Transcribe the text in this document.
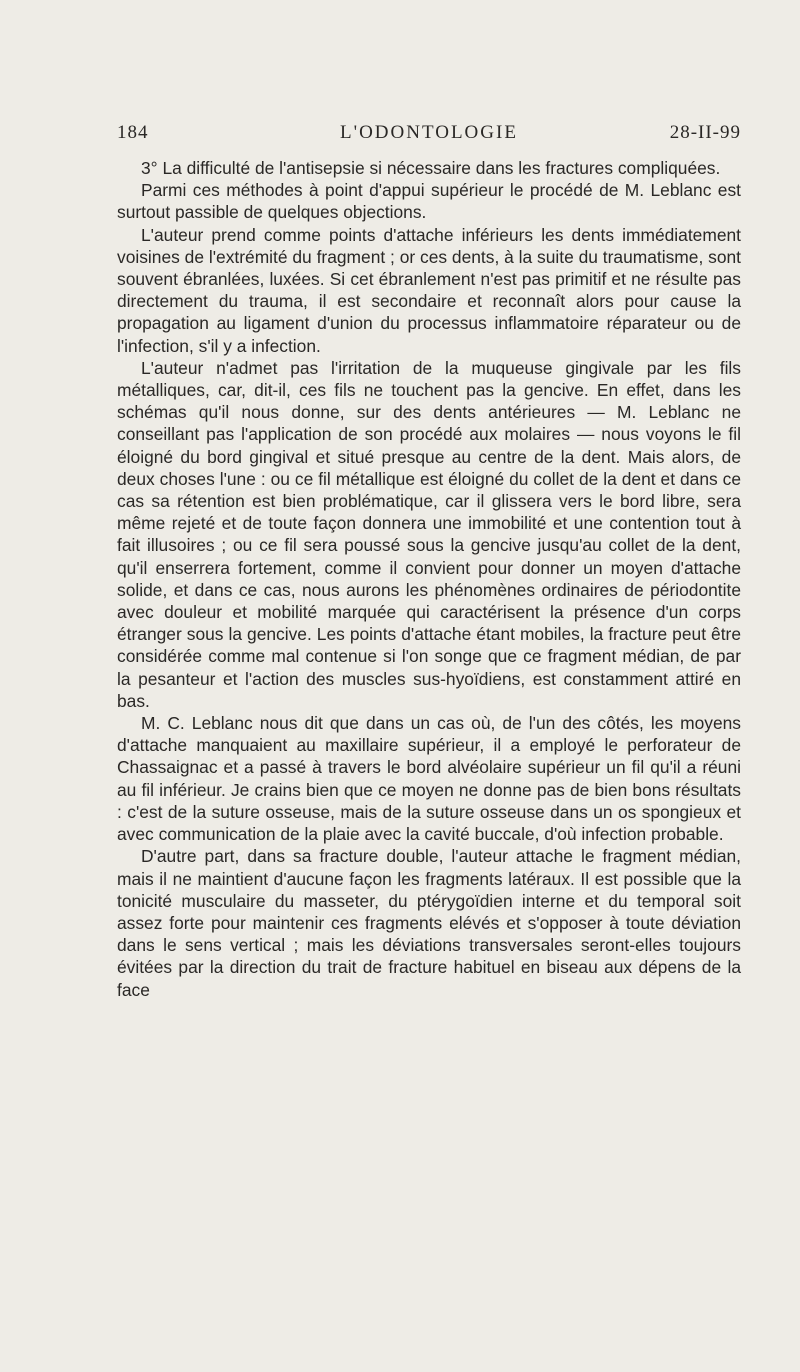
184	L'ODONTOLOGIE	28-II-99

3° La difficulté de l'antisepsie si nécessaire dans les fractures compliquées.

Parmi ces méthodes à point d'appui supérieur le procédé de M. Leblanc est surtout passible de quelques objections.

L'auteur prend comme points d'attache inférieurs les dents immédiatement voisines de l'extrémité du fragment ; or ces dents, à la suite du traumatisme, sont souvent ébranlées, luxées. Si cet ébranlement n'est pas primitif et ne résulte pas directement du trauma, il est secondaire et reconnaît alors pour cause la propagation au ligament d'union du processus inflammatoire réparateur ou de l'infection, s'il y a infection.

L'auteur n'admet pas l'irritation de la muqueuse gingivale par les fils métalliques, car, dit-il, ces fils ne touchent pas la gencive. En effet, dans les schémas qu'il nous donne, sur des dents antérieures — M. Leblanc ne conseillant pas l'application de son procédé aux molaires — nous voyons le fil éloigné du bord gingival et situé presque au centre de la dent. Mais alors, de deux choses l'une : ou ce fil métallique est éloigné du collet de la dent et dans ce cas sa rétention est bien problématique, car il glissera vers le bord libre, sera même rejeté et de toute façon donnera une immobilité et une contention tout à fait illusoires ; ou ce fil sera poussé sous la gencive jusqu'au collet de la dent, qu'il enserrera fortement, comme il convient pour donner un moyen d'attache solide, et dans ce cas, nous aurons les phénomènes ordinaires de périodontite avec douleur et mobilité marquée qui caractérisent la présence d'un corps étranger sous la gencive. Les points d'attache étant mobiles, la fracture peut être considérée comme mal contenue si l'on songe que ce fragment médian, de par la pesanteur et l'action des muscles sus-hyoïdiens, est constamment attiré en bas.

M. C. Leblanc nous dit que dans un cas où, de l'un des côtés, les moyens d'attache manquaient au maxillaire supérieur, il a employé le perforateur de Chassaignac et a passé à travers le bord alvéolaire supérieur un fil qu'il a réuni au fil inférieur. Je crains bien que ce moyen ne donne pas de bien bons résultats : c'est de la suture osseuse, mais de la suture osseuse dans un os spongieux et avec communication de la plaie avec la cavité buccale, d'où infection probable.

D'autre part, dans sa fracture double, l'auteur attache le fragment médian, mais il ne maintient d'aucune façon les fragments latéraux. Il est possible que la tonicité musculaire du masseter, du ptérygoïdien interne et du temporal soit assez forte pour maintenir ces fragments elévés et s'opposer à toute déviation dans le sens vertical ; mais les déviations transversales seront-elles toujours évitées par la direction du trait de fracture habituel en biseau aux dépens de la face
